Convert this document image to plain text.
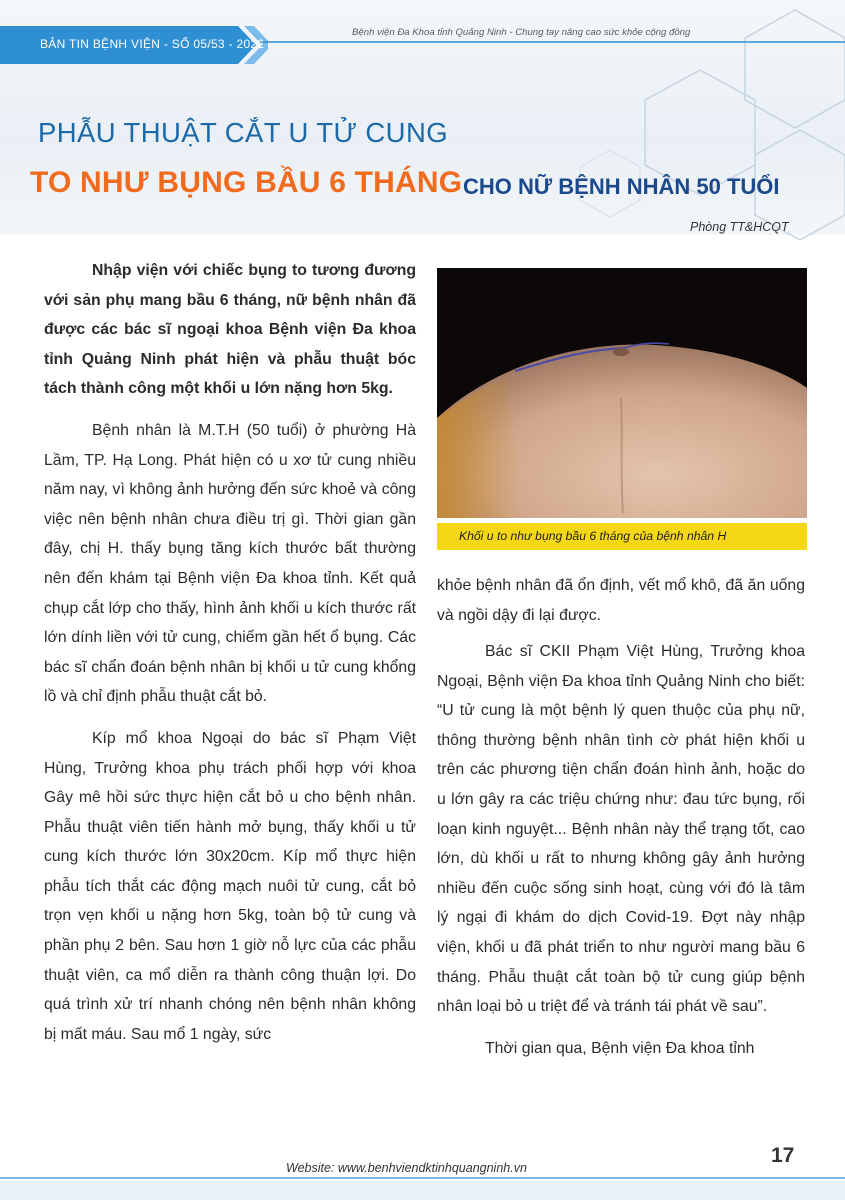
BẢN TIN BỆNH VIỆN - SỐ 05/53 - 2022
Bệnh viện Đa Khoa tỉnh Quảng Ninh - Chung tay nâng cao sức khỏe cộng đồng
PHẪU THUẬT CẮT U TỬ CUNG
TO NHƯ BỤNG BẦU 6 THÁNG CHO NỮ BỆNH NHÂN 50 TUỔI
Phòng TT&HCQT

Nhập viện với chiếc bụng to tương đương với sản phụ mang bầu 6 tháng, nữ bệnh nhân đã được các bác sĩ ngoại khoa Bệnh viện Đa khoa tỉnh Quảng Ninh phát hiện và phẫu thuật bóc tách thành công một khối u lớn nặng hơn 5kg.

Bệnh nhân là M.T.H (50 tuổi) ở phường Hà Lầm, TP. Hạ Long. Phát hiện có u xơ tử cung nhiều năm nay, vì không ảnh hưởng đến sức khoẻ và công việc nên bệnh nhân chưa điều trị gì. Thời gian gần đây, chị H. thấy bụng tăng kích thước bất thường nên đến khám tại Bệnh viện Đa khoa tỉnh. Kết quả chụp cắt lớp cho thấy, hình ảnh khối u kích thước rất lớn dính liền với tử cung, chiếm gần hết ổ bụng. Các bác sĩ chẩn đoán bệnh nhân bị khối u tử cung khổng lồ và chỉ định phẫu thuật cắt bỏ.

Kíp mổ khoa Ngoại do bác sĩ Phạm Việt Hùng, Trưởng khoa phụ trách phối hợp với khoa Gây mê hồi sức thực hiện cắt bỏ u cho bệnh nhân. Phẫu thuật viên tiến hành mở bụng, thấy khối u tử cung kích thước lớn 30x20cm. Kíp mổ thực hiện phẫu tích thắt các động mạch nuôi tử cung, cắt bỏ trọn vẹn khối u nặng hơn 5kg, toàn bộ tử cung và phần phụ 2 bên. Sau hơn 1 giờ nỗ lực của các phẫu thuật viên, ca mổ diễn ra thành công thuận lợi. Do quá trình xử trí nhanh chóng nên bệnh nhân không bị mất máu. Sau mổ 1 ngày, sức

Khối u to như bụng bầu 6 tháng của bệnh nhân H

khỏe bệnh nhân đã ổn định, vết mổ khô, đã ăn uống và ngồi dậy đi lại được.

Bác sĩ CKII Phạm Việt Hùng, Trưởng khoa Ngoại, Bệnh viện Đa khoa tỉnh Quảng Ninh cho biết: “U tử cung là một bệnh lý quen thuộc của phụ nữ, thông thường bệnh nhân tình cờ phát hiện khối u trên các phương tiện chẩn đoán hình ảnh, hoặc do u lớn gây ra các triệu chứng như: đau tức bụng, rối loạn kinh nguyệt... Bệnh nhân này thể trạng tốt, cao lớn, dù khối u rất to nhưng không gây ảnh hưởng nhiều đến cuộc sống sinh hoạt, cùng với đó là tâm lý ngại đi khám do dịch Covid-19. Đợt này nhập viện, khối u đã phát triển to như người mang bầu 6 tháng. Phẫu thuật cắt toàn bộ tử cung giúp bệnh nhân loại bỏ u triệt để và tránh tái phát về sau”.

Thời gian qua, Bệnh viện Đa khoa tỉnh

Website: www.benhviendktinhquangninh.vn
17
